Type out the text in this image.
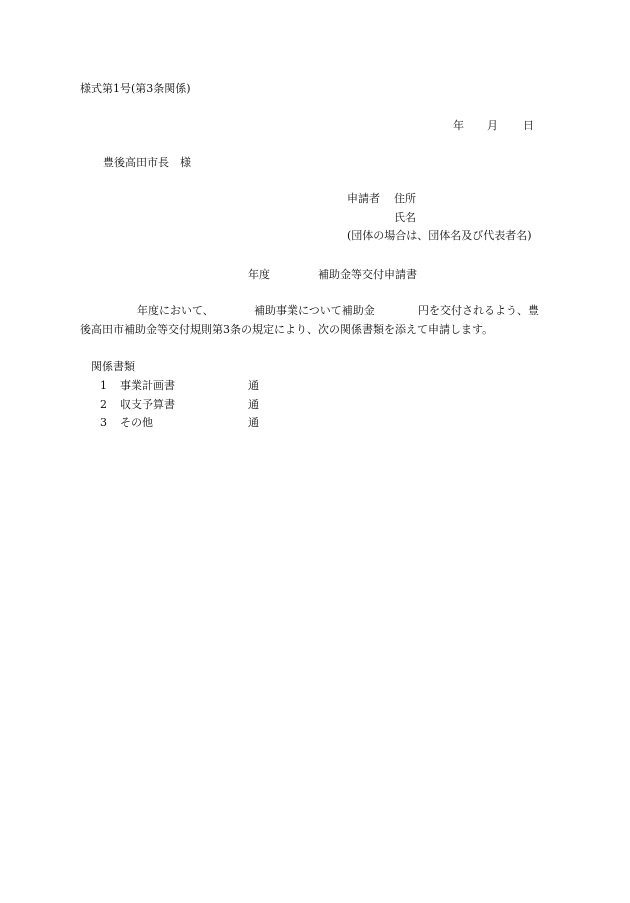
様式第1号(第3条関係)
年 月 日
豊後高田市長　様
申請者 住所
氏名
(団体の場合は、団体名及び代表者名)
年度	補助金等交付申請書
年度において、	補助事業について補助金	円を交付されるよう、豊
後高田市補助金等交付規則第3条の規定により、次の関係書類を添えて申請します。
関係書類
1 事業計画書	通
2 収支予算書	通
3 その他	通
